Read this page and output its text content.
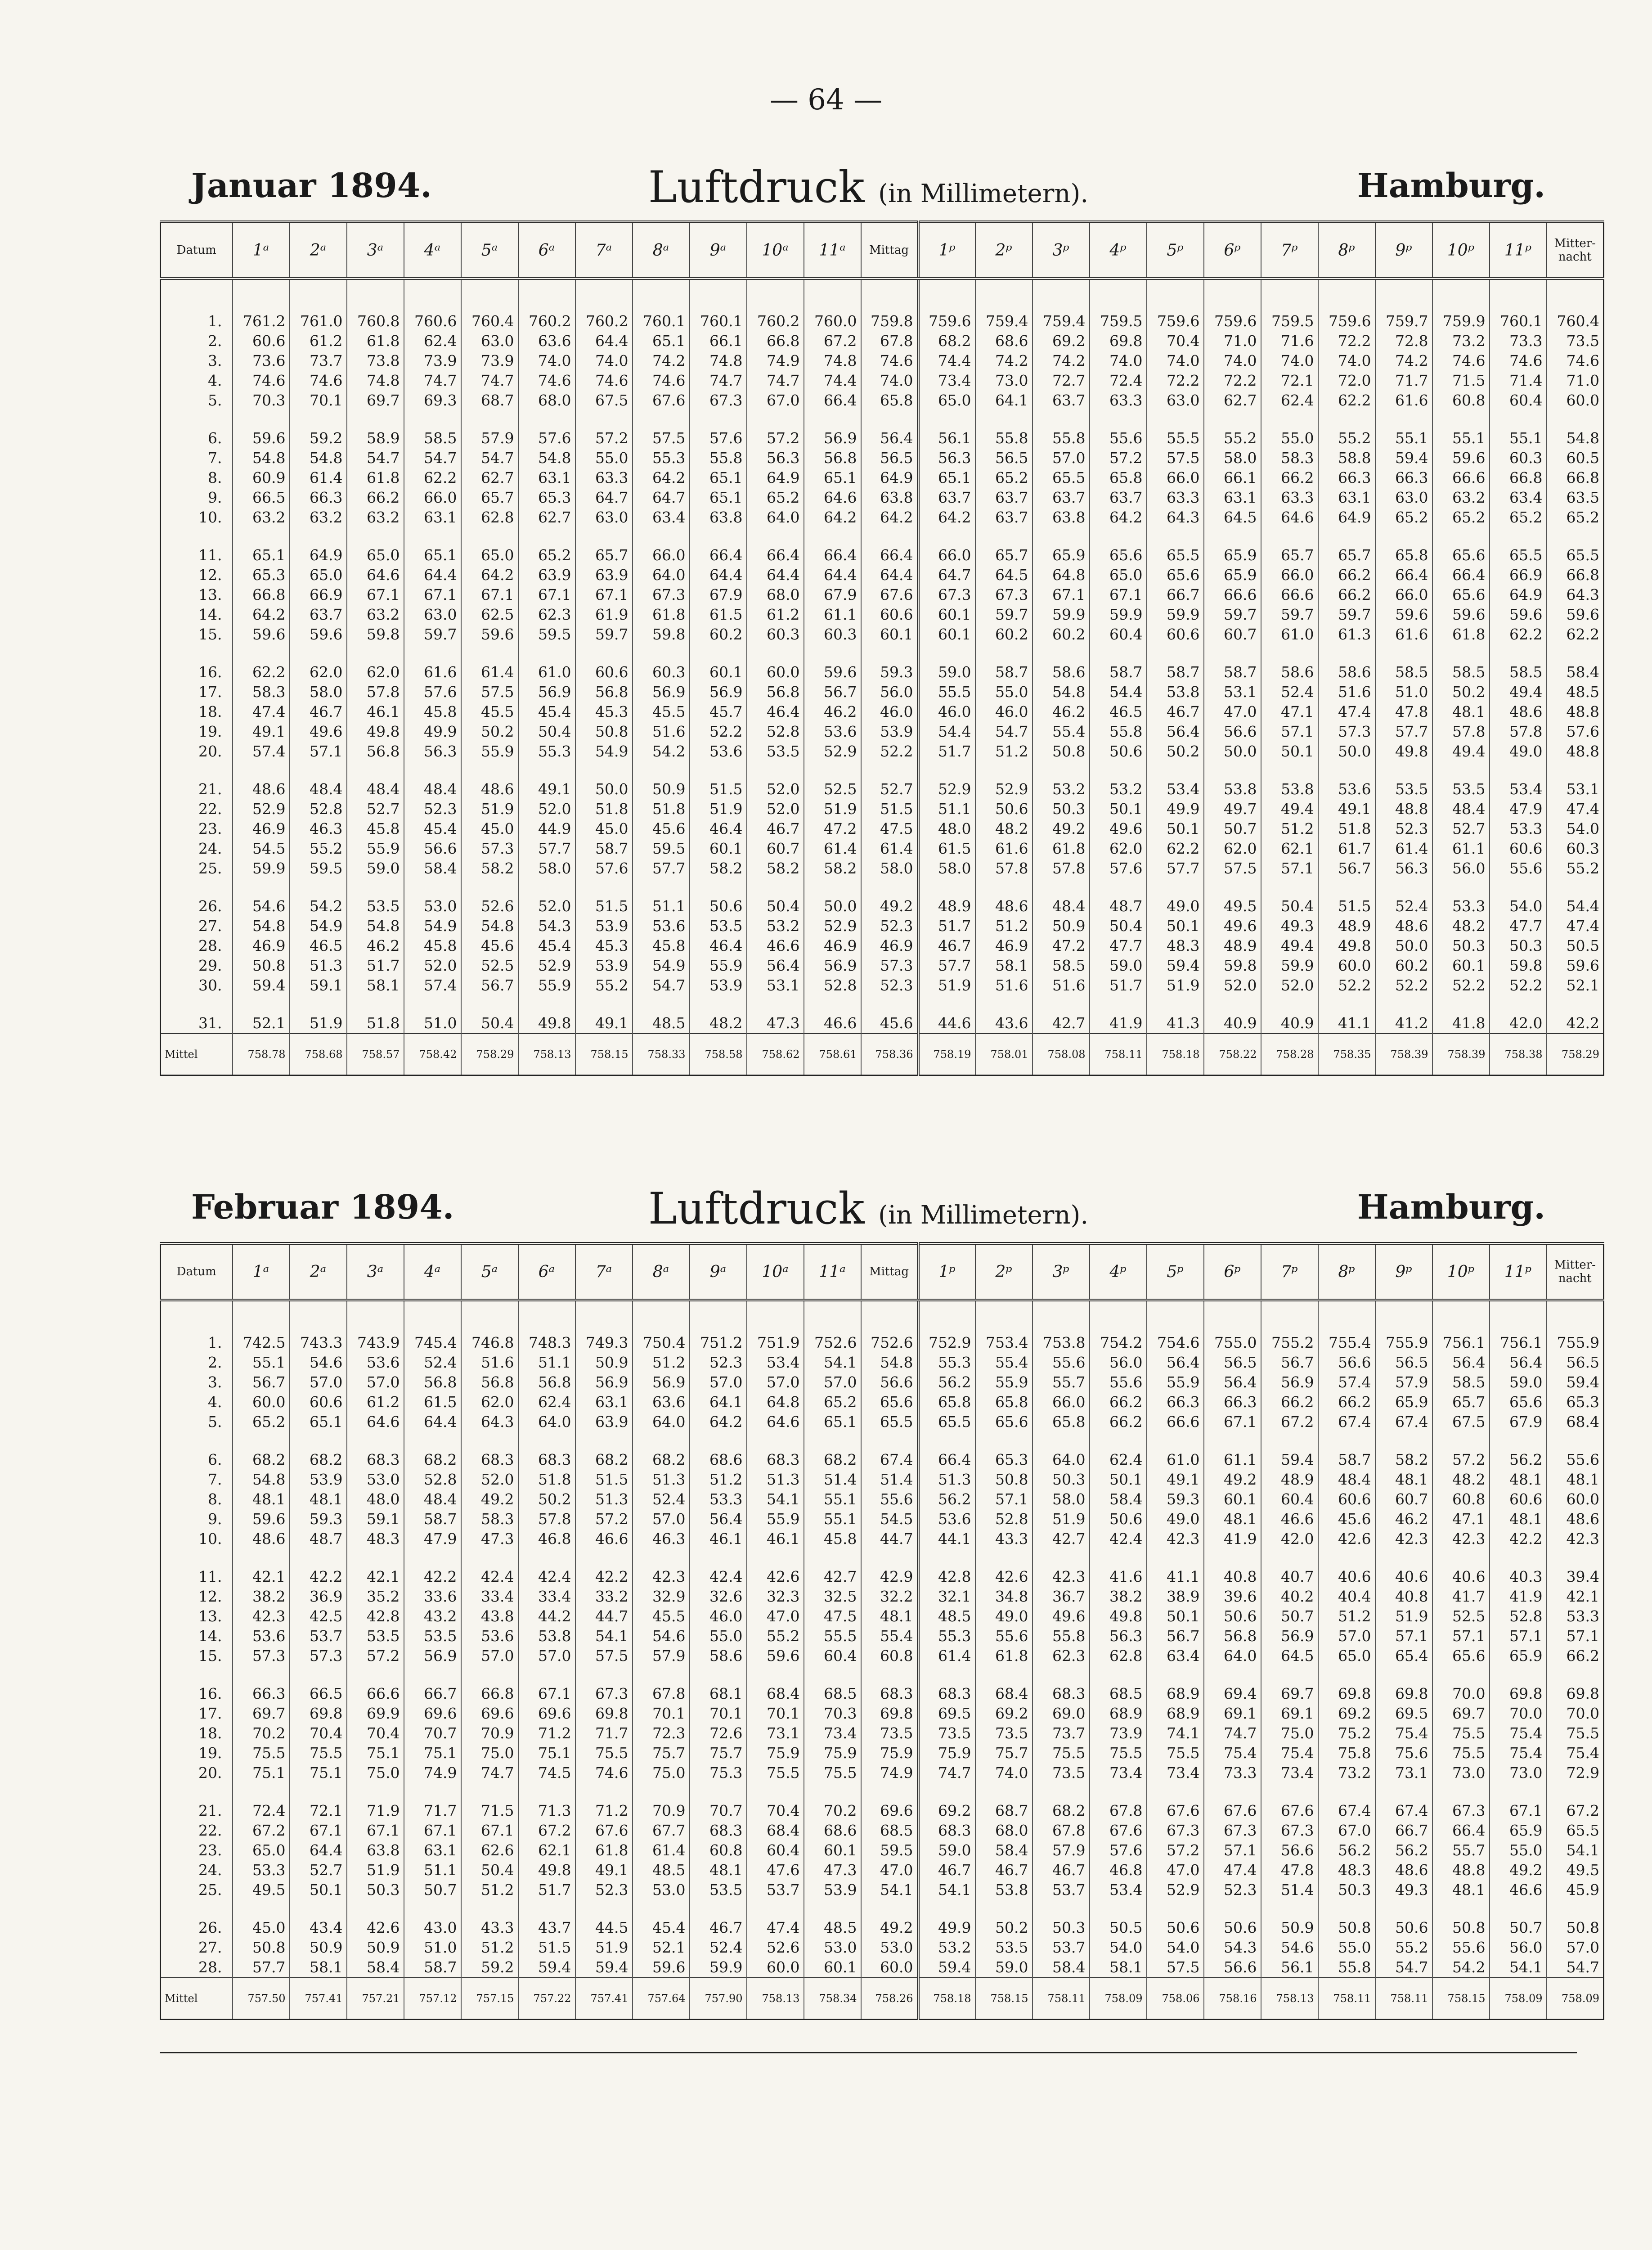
— 64 —
Januar 1894.	Luftdruck (in Millimetern).	Hamburg.
Datum	1ᵃ	2ᵃ	3ᵃ	4ᵃ	5ᵃ	6ᵃ	7ᵃ	8ᵃ	9ᵃ	10ᵃ	11ᵃ	Mittag	1ᵖ	2ᵖ	3ᵖ	4ᵖ	5ᵖ	6ᵖ	7ᵖ	8ᵖ	9ᵖ	10ᵖ	11ᵖ	Mitter-nacht
1.	761.2	761.0	760.8	760.6	760.4	760.2	760.2	760.1	760.1	760.2	760.0	759.8	759.6	759.4	759.4	759.5	759.6	759.6	759.5	759.6	759.7	759.9	760.1	760.4
2.	60.6	61.2	61.8	62.4	63.0	63.6	64.4	65.1	66.1	66.8	67.2	67.8	68.2	68.6	69.2	69.8	70.4	71.0	71.6	72.2	72.8	73.2	73.3	73.5
3.	73.6	73.7	73.8	73.9	73.9	74.0	74.0	74.2	74.8	74.9	74.8	74.6	74.4	74.2	74.2	74.0	74.0	74.0	74.0	74.0	74.2	74.6	74.6	74.6
4.	74.6	74.6	74.8	74.7	74.7	74.6	74.6	74.6	74.7	74.7	74.4	74.0	73.4	73.0	72.7	72.4	72.2	72.2	72.1	72.0	71.7	71.5	71.4	71.0
5.	70.3	70.1	69.7	69.3	68.7	68.0	67.5	67.6	67.3	67.0	66.4	65.8	65.0	64.1	63.7	63.3	63.0	62.7	62.4	62.2	61.6	60.8	60.4	60.0
6.	59.6	59.2	58.9	58.5	57.9	57.6	57.2	57.5	57.6	57.2	56.9	56.4	56.1	55.8	55.8	55.6	55.5	55.2	55.0	55.2	55.1	55.1	55.1	54.8
7.	54.8	54.8	54.7	54.7	54.7	54.8	55.0	55.3	55.8	56.3	56.8	56.5	56.3	56.5	57.0	57.2	57.5	58.0	58.3	58.8	59.4	59.6	60.3	60.5
8.	60.9	61.4	61.8	62.2	62.7	63.1	63.3	64.2	65.1	64.9	65.1	64.9	65.1	65.2	65.5	65.8	66.0	66.1	66.2	66.3	66.3	66.6	66.8	66.8
9.	66.5	66.3	66.2	66.0	65.7	65.3	64.7	64.7	65.1	65.2	64.6	63.8	63.7	63.7	63.7	63.7	63.3	63.1	63.3	63.1	63.0	63.2	63.4	63.5
10.	63.2	63.2	63.2	63.1	62.8	62.7	63.0	63.4	63.8	64.0	64.2	64.2	64.2	63.7	63.8	64.2	64.3	64.5	64.6	64.9	65.2	65.2	65.2	65.2
11.	65.1	64.9	65.0	65.1	65.0	65.2	65.7	66.0	66.4	66.4	66.4	66.4	66.0	65.7	65.9	65.6	65.5	65.9	65.7	65.7	65.8	65.6	65.5	65.5
12.	65.3	65.0	64.6	64.4	64.2	63.9	63.9	64.0	64.4	64.4	64.4	64.4	64.7	64.5	64.8	65.0	65.6	65.9	66.0	66.2	66.4	66.4	66.9	66.8
13.	66.8	66.9	67.1	67.1	67.1	67.1	67.1	67.3	67.9	68.0	67.9	67.6	67.3	67.3	67.1	67.1	66.7	66.6	66.6	66.2	66.0	65.6	64.9	64.3
14.	64.2	63.7	63.2	63.0	62.5	62.3	61.9	61.8	61.5	61.2	61.1	60.6	60.1	59.7	59.9	59.9	59.9	59.7	59.7	59.7	59.6	59.6	59.6	59.6
15.	59.6	59.6	59.8	59.7	59.6	59.5	59.7	59.8	60.2	60.3	60.3	60.1	60.1	60.2	60.2	60.4	60.6	60.7	61.0	61.3	61.6	61.8	62.2	62.2
16.	62.2	62.0	62.0	61.6	61.4	61.0	60.6	60.3	60.1	60.0	59.6	59.3	59.0	58.7	58.6	58.7	58.7	58.7	58.6	58.6	58.5	58.5	58.5	58.4
17.	58.3	58.0	57.8	57.6	57.5	56.9	56.8	56.9	56.9	56.8	56.7	56.0	55.5	55.0	54.8	54.4	53.8	53.1	52.4	51.6	51.0	50.2	49.4	48.5
18.	47.4	46.7	46.1	45.8	45.5	45.4	45.3	45.5	45.7	46.4	46.2	46.0	46.0	46.0	46.2	46.5	46.7	47.0	47.1	47.4	47.8	48.1	48.6	48.8
19.	49.1	49.6	49.8	49.9	50.2	50.4	50.8	51.6	52.2	52.8	53.6	53.9	54.4	54.7	55.4	55.8	56.4	56.6	57.1	57.3	57.7	57.8	57.8	57.6
20.	57.4	57.1	56.8	56.3	55.9	55.3	54.9	54.2	53.6	53.5	52.9	52.2	51.7	51.2	50.8	50.6	50.2	50.0	50.1	50.0	49.8	49.4	49.0	48.8
21.	48.6	48.4	48.4	48.4	48.6	49.1	50.0	50.9	51.5	52.0	52.5	52.7	52.9	52.9	53.2	53.2	53.4	53.8	53.8	53.6	53.5	53.5	53.4	53.1
22.	52.9	52.8	52.7	52.3	51.9	52.0	51.8	51.8	51.9	52.0	51.9	51.5	51.1	50.6	50.3	50.1	49.9	49.7	49.4	49.1	48.8	48.4	47.9	47.4
23.	46.9	46.3	45.8	45.4	45.0	44.9	45.0	45.6	46.4	46.7	47.2	47.5	48.0	48.2	49.2	49.6	50.1	50.7	51.2	51.8	52.3	52.7	53.3	54.0
24.	54.5	55.2	55.9	56.6	57.3	57.7	58.7	59.5	60.1	60.7	61.4	61.4	61.5	61.6	61.8	62.0	62.2	62.0	62.1	61.7	61.4	61.1	60.6	60.3
25.	59.9	59.5	59.0	58.4	58.2	58.0	57.6	57.7	58.2	58.2	58.2	58.0	58.0	57.8	57.8	57.6	57.7	57.5	57.1	56.7	56.3	56.0	55.6	55.2
26.	54.6	54.2	53.5	53.0	52.6	52.0	51.5	51.1	50.6	50.4	50.0	49.2	48.9	48.6	48.4	48.7	49.0	49.5	50.4	51.5	52.4	53.3	54.0	54.4
27.	54.8	54.9	54.8	54.9	54.8	54.3	53.9	53.6	53.5	53.2	52.9	52.3	51.7	51.2	50.9	50.4	50.1	49.6	49.3	48.9	48.6	48.2	47.7	47.4
28.	46.9	46.5	46.2	45.8	45.6	45.4	45.3	45.8	46.4	46.6	46.9	46.9	46.7	46.9	47.2	47.7	48.3	48.9	49.4	49.8	50.0	50.3	50.3	50.5
29.	50.8	51.3	51.7	52.0	52.5	52.9	53.9	54.9	55.9	56.4	56.9	57.3	57.7	58.1	58.5	59.0	59.4	59.8	59.9	60.0	60.2	60.1	59.8	59.6
30.	59.4	59.1	58.1	57.4	56.7	55.9	55.2	54.7	53.9	53.1	52.8	52.3	51.9	51.6	51.6	51.7	51.9	52.0	52.0	52.2	52.2	52.2	52.2	52.1
31.	52.1	51.9	51.8	51.0	50.4	49.8	49.1	48.5	48.2	47.3	46.6	45.6	44.6	43.6	42.7	41.9	41.3	40.9	40.9	41.1	41.2	41.8	42.0	42.2
Mittel	758.78	758.68	758.57	758.42	758.29	758.13	758.15	758.33	758.58	758.62	758.61	758.36	758.19	758.01	758.08	758.11	758.18	758.22	758.28	758.35	758.39	758.39	758.38	758.29
Februar 1894.	Luftdruck (in Millimetern).	Hamburg.
Datum	1ᵃ	2ᵃ	3ᵃ	4ᵃ	5ᵃ	6ᵃ	7ᵃ	8ᵃ	9ᵃ	10ᵃ	11ᵃ	Mittag	1ᵖ	2ᵖ	3ᵖ	4ᵖ	5ᵖ	6ᵖ	7ᵖ	8ᵖ	9ᵖ	10ᵖ	11ᵖ	Mitter-nacht
1.	742.5	743.3	743.9	745.4	746.8	748.3	749.3	750.4	751.2	751.9	752.6	752.6	752.9	753.4	753.8	754.2	754.6	755.0	755.2	755.4	755.9	756.1	756.1	755.9
2.	55.1	54.6	53.6	52.4	51.6	51.1	50.9	51.2	52.3	53.4	54.1	54.8	55.3	55.4	55.6	56.0	56.4	56.5	56.7	56.6	56.5	56.4	56.4	56.5
3.	56.7	57.0	57.0	56.8	56.8	56.8	56.9	56.9	57.0	57.0	57.0	56.6	56.2	55.9	55.7	55.6	55.9	56.4	56.9	57.4	57.9	58.5	59.0	59.4
4.	60.0	60.6	61.2	61.5	62.0	62.4	63.1	63.6	64.1	64.8	65.2	65.6	65.8	65.8	66.0	66.2	66.3	66.3	66.2	66.2	65.9	65.7	65.6	65.3
5.	65.2	65.1	64.6	64.4	64.3	64.0	63.9	64.0	64.2	64.6	65.1	65.5	65.5	65.6	65.8	66.2	66.6	67.1	67.2	67.4	67.4	67.5	67.9	68.4
6.	68.2	68.2	68.3	68.2	68.3	68.3	68.2	68.2	68.6	68.3	68.2	67.4	66.4	65.3	64.0	62.4	61.0	61.1	59.4	58.7	58.2	57.2	56.2	55.6
7.	54.8	53.9	53.0	52.8	52.0	51.8	51.5	51.3	51.2	51.3	51.4	51.4	51.3	50.8	50.3	50.1	49.1	49.2	48.9	48.4	48.1	48.2	48.1	48.1
8.	48.1	48.1	48.0	48.4	49.2	50.2	51.3	52.4	53.3	54.1	55.1	55.6	56.2	57.1	58.0	58.4	59.3	60.1	60.4	60.6	60.7	60.8	60.6	60.0
9.	59.6	59.3	59.1	58.7	58.3	57.8	57.2	57.0	56.4	55.9	55.1	54.5	53.6	52.8	51.9	50.6	49.0	48.1	46.6	45.6	46.2	47.1	48.1	48.6
10.	48.6	48.7	48.3	47.9	47.3	46.8	46.6	46.3	46.1	46.1	45.8	44.7	44.1	43.3	42.7	42.4	42.3	41.9	42.0	42.6	42.3	42.3	42.2	42.3
11.	42.1	42.2	42.1	42.2	42.4	42.4	42.2	42.3	42.4	42.6	42.7	42.9	42.8	42.6	42.3	41.6	41.1	40.8	40.7	40.6	40.6	40.6	40.3	39.4
12.	38.2	36.9	35.2	33.6	33.4	33.4	33.2	32.9	32.6	32.3	32.5	32.2	32.1	34.8	36.7	38.2	38.9	39.6	40.2	40.4	40.8	41.7	41.9	42.1
13.	42.3	42.5	42.8	43.2	43.8	44.2	44.7	45.5	46.0	47.0	47.5	48.1	48.5	49.0	49.6	49.8	50.1	50.6	50.7	51.2	51.9	52.5	52.8	53.3
14.	53.6	53.7	53.5	53.5	53.6	53.8	54.1	54.6	55.0	55.2	55.5	55.4	55.3	55.6	55.8	56.3	56.7	56.8	56.9	57.0	57.1	57.1	57.1	57.1
15.	57.3	57.3	57.2	56.9	57.0	57.0	57.5	57.9	58.6	59.6	60.4	60.8	61.4	61.8	62.3	62.8	63.4	64.0	64.5	65.0	65.4	65.6	65.9	66.2
16.	66.3	66.5	66.6	66.7	66.8	67.1	67.3	67.8	68.1	68.4	68.5	68.3	68.3	68.4	68.3	68.5	68.9	69.4	69.7	69.8	69.8	70.0	69.8	69.8
17.	69.7	69.8	69.9	69.6	69.6	69.6	69.8	70.1	70.1	70.1	70.3	69.8	69.5	69.2	69.0	68.9	68.9	69.1	69.1	69.2	69.5	69.7	70.0	70.0
18.	70.2	70.4	70.4	70.7	70.9	71.2	71.7	72.3	72.6	73.1	73.4	73.5	73.5	73.5	73.7	73.9	74.1	74.7	75.0	75.2	75.4	75.5	75.4	75.5
19.	75.5	75.5	75.1	75.1	75.0	75.1	75.5	75.7	75.7	75.9	75.9	75.9	75.9	75.7	75.5	75.5	75.5	75.4	75.4	75.8	75.6	75.5	75.4	75.4
20.	75.1	75.1	75.0	74.9	74.7	74.5	74.6	75.0	75.3	75.5	75.5	74.9	74.7	74.0	73.5	73.4	73.4	73.3	73.4	73.2	73.1	73.0	73.0	72.9
21.	72.4	72.1	71.9	71.7	71.5	71.3	71.2	70.9	70.7	70.4	70.2	69.6	69.2	68.7	68.2	67.8	67.6	67.6	67.6	67.4	67.4	67.3	67.1	67.2
22.	67.2	67.1	67.1	67.1	67.1	67.2	67.6	67.7	68.3	68.4	68.6	68.5	68.3	68.0	67.8	67.6	67.3	67.3	67.3	67.0	66.7	66.4	65.9	65.5
23.	65.0	64.4	63.8	63.1	62.6	62.1	61.8	61.4	60.8	60.4	60.1	59.5	59.0	58.4	57.9	57.6	57.2	57.1	56.6	56.2	56.2	55.7	55.0	54.1
24.	53.3	52.7	51.9	51.1	50.4	49.8	49.1	48.5	48.1	47.6	47.3	47.0	46.7	46.7	46.7	46.8	47.0	47.4	47.8	48.3	48.6	48.8	49.2	49.5
25.	49.5	50.1	50.3	50.7	51.2	51.7	52.3	53.0	53.5	53.7	53.9	54.1	54.1	53.8	53.7	53.4	52.9	52.3	51.4	50.3	49.3	48.1	46.6	45.9
26.	45.0	43.4	42.6	43.0	43.3	43.7	44.5	45.4	46.7	47.4	48.5	49.2	49.9	50.2	50.3	50.5	50.6	50.6	50.9	50.8	50.6	50.8	50.7	50.8
27.	50.8	50.9	50.9	51.0	51.2	51.5	51.9	52.1	52.4	52.6	53.0	53.0	53.2	53.5	53.7	54.0	54.0	54.3	54.6	55.0	55.2	55.6	56.0	57.0
28.	57.7	58.1	58.4	58.7	59.2	59.4	59.4	59.6	59.9	60.0	60.1	60.0	59.4	59.0	58.4	58.1	57.5	56.6	56.1	55.8	54.7	54.2	54.1	54.7
Mittel	757.50	757.41	757.21	757.12	757.15	757.22	757.41	757.64	757.90	758.13	758.34	758.26	758.18	758.15	758.11	758.09	758.06	758.16	758.13	758.11	758.11	758.15	758.09	758.09
